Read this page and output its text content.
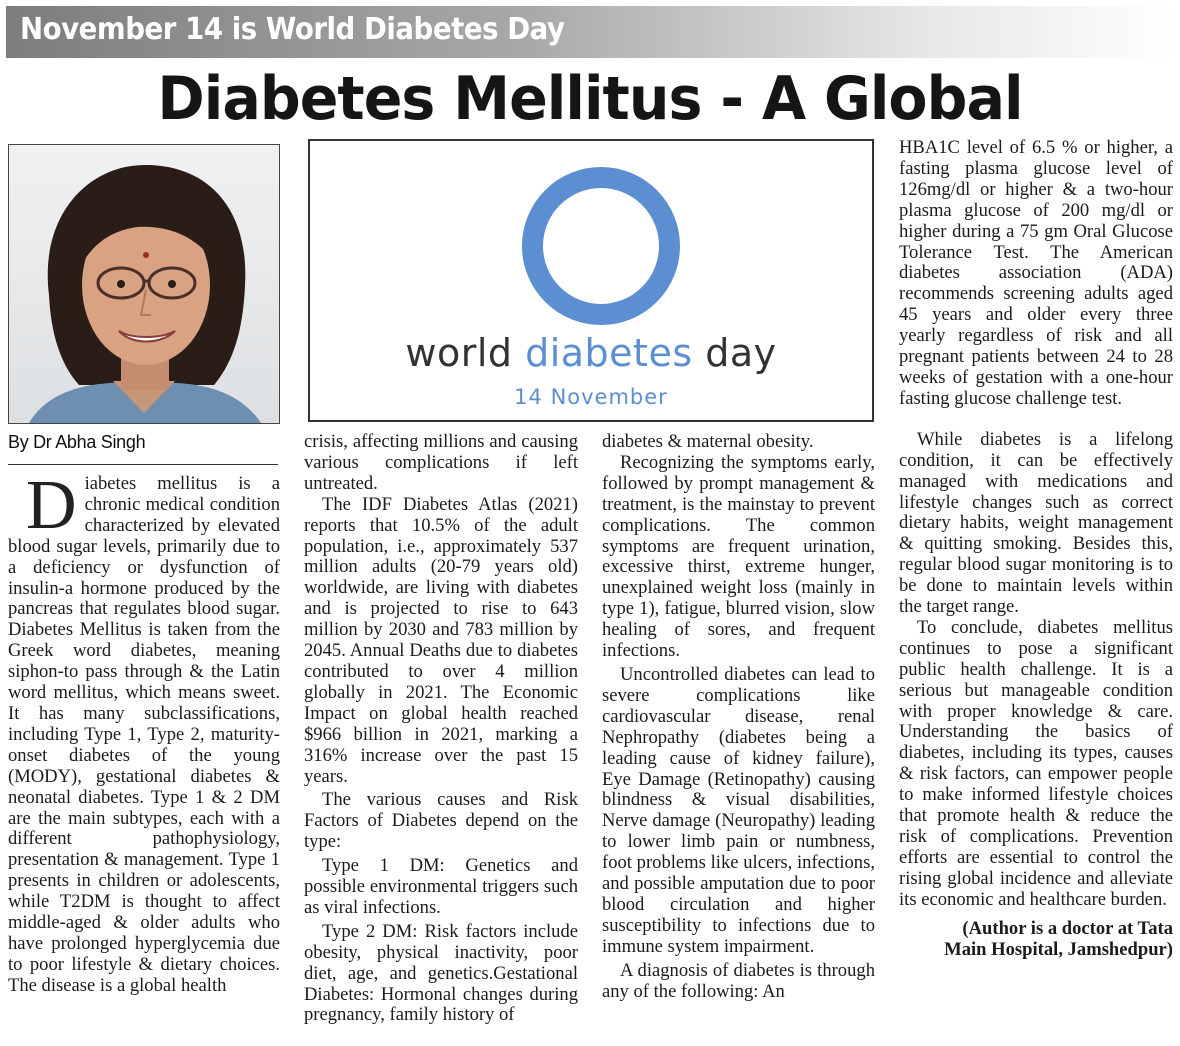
November 14 is World Diabetes Day
Diabetes Mellitus - A Global
By Dr Abha Singh
world diabetes day
14 November
D iabetes mellitus is a chronic medical condition characterized by elevated blood sugar levels, primarily due to a deficiency or dysfunction of insulin-a hormone produced by the pancreas that regulates blood sugar. Diabetes Mellitus is taken from the Greek word diabetes, meaning siphon-to pass through & the Latin word mellitus, which means sweet. It has many subclassifications, including Type 1, Type 2, maturity-onset diabetes of the young (MODY), gestational diabetes & neonatal diabetes. Type 1 & 2 DM are the main subtypes, each with a different pathophysiology, presentation & management. Type 1 presents in children or adolescents, while T2DM is thought to affect middle-aged & older adults who have prolonged hyperglycemia due to poor lifestyle & dietary choices. The disease is a global health

crisis, affecting millions and causing various complications if left untreated.

The IDF Diabetes Atlas (2021) reports that 10.5% of the adult population, i.e., approximately 537 million adults (20-79 years old) worldwide, are living with diabetes and is projected to rise to 643 million by 2030 and 783 million by 2045. Annual Deaths due to diabetes contributed to over 4 million globally in 2021. The Economic Impact on global health reached $966 billion in 2021, marking a 316% increase over the past 15 years.

The various causes and Risk Factors of Diabetes depend on the type:

Type 1 DM: Genetics and possible environmental triggers such as viral infections.

Type 2 DM: Risk factors include obesity, physical inactivity, poor diet, age, and genetics.Gestational Diabetes: Hormonal changes during pregnancy, family history of

diabetes & maternal obesity.

Recognizing the symptoms early, followed by prompt management & treatment, is the mainstay to prevent complications. The common symptoms are frequent urination, excessive thirst, extreme hunger, unexplained weight loss (mainly in type 1), fatigue, blurred vision, slow healing of sores, and frequent infections.

Uncontrolled diabetes can lead to severe complications like cardiovascular disease, renal Nephropathy (diabetes being a leading cause of kidney failure), Eye Damage (Retinopathy) causing blindness & visual disabilities, Nerve damage (Neuropathy) leading to lower limb pain or numbness, foot problems like ulcers, infections, and possible amputation due to poor blood circulation and higher susceptibility to infections due to immune system impairment.

A diagnosis of diabetes is through any of the following: An

HBA1C level of 6.5 % or higher, a fasting plasma glucose level of 126mg/dl or higher & a two-hour plasma glucose of 200 mg/dl or higher during a 75 gm Oral Glucose Tolerance Test. The American diabetes association (ADA) recommends screening adults aged 45 years and older every three yearly regardless of risk and all pregnant patients between 24 to 28 weeks of gestation with a one-hour fasting glucose challenge test.

While diabetes is a lifelong condition, it can be effectively managed with medications and lifestyle changes such as correct dietary habits, weight management & quitting smoking. Besides this, regular blood sugar monitoring is to be done to maintain levels within the target range.

To conclude, diabetes mellitus continues to pose a significant public health challenge. It is a serious but manageable condition with proper knowledge & care. Understanding the basics of diabetes, including its types, causes & risk factors, can empower people to make informed lifestyle choices that promote health & reduce the risk of complications. Prevention efforts are essential to control the rising global incidence and alleviate its economic and healthcare burden.

(Author is a doctor at Tata
Main Hospital, Jamshedpur)
